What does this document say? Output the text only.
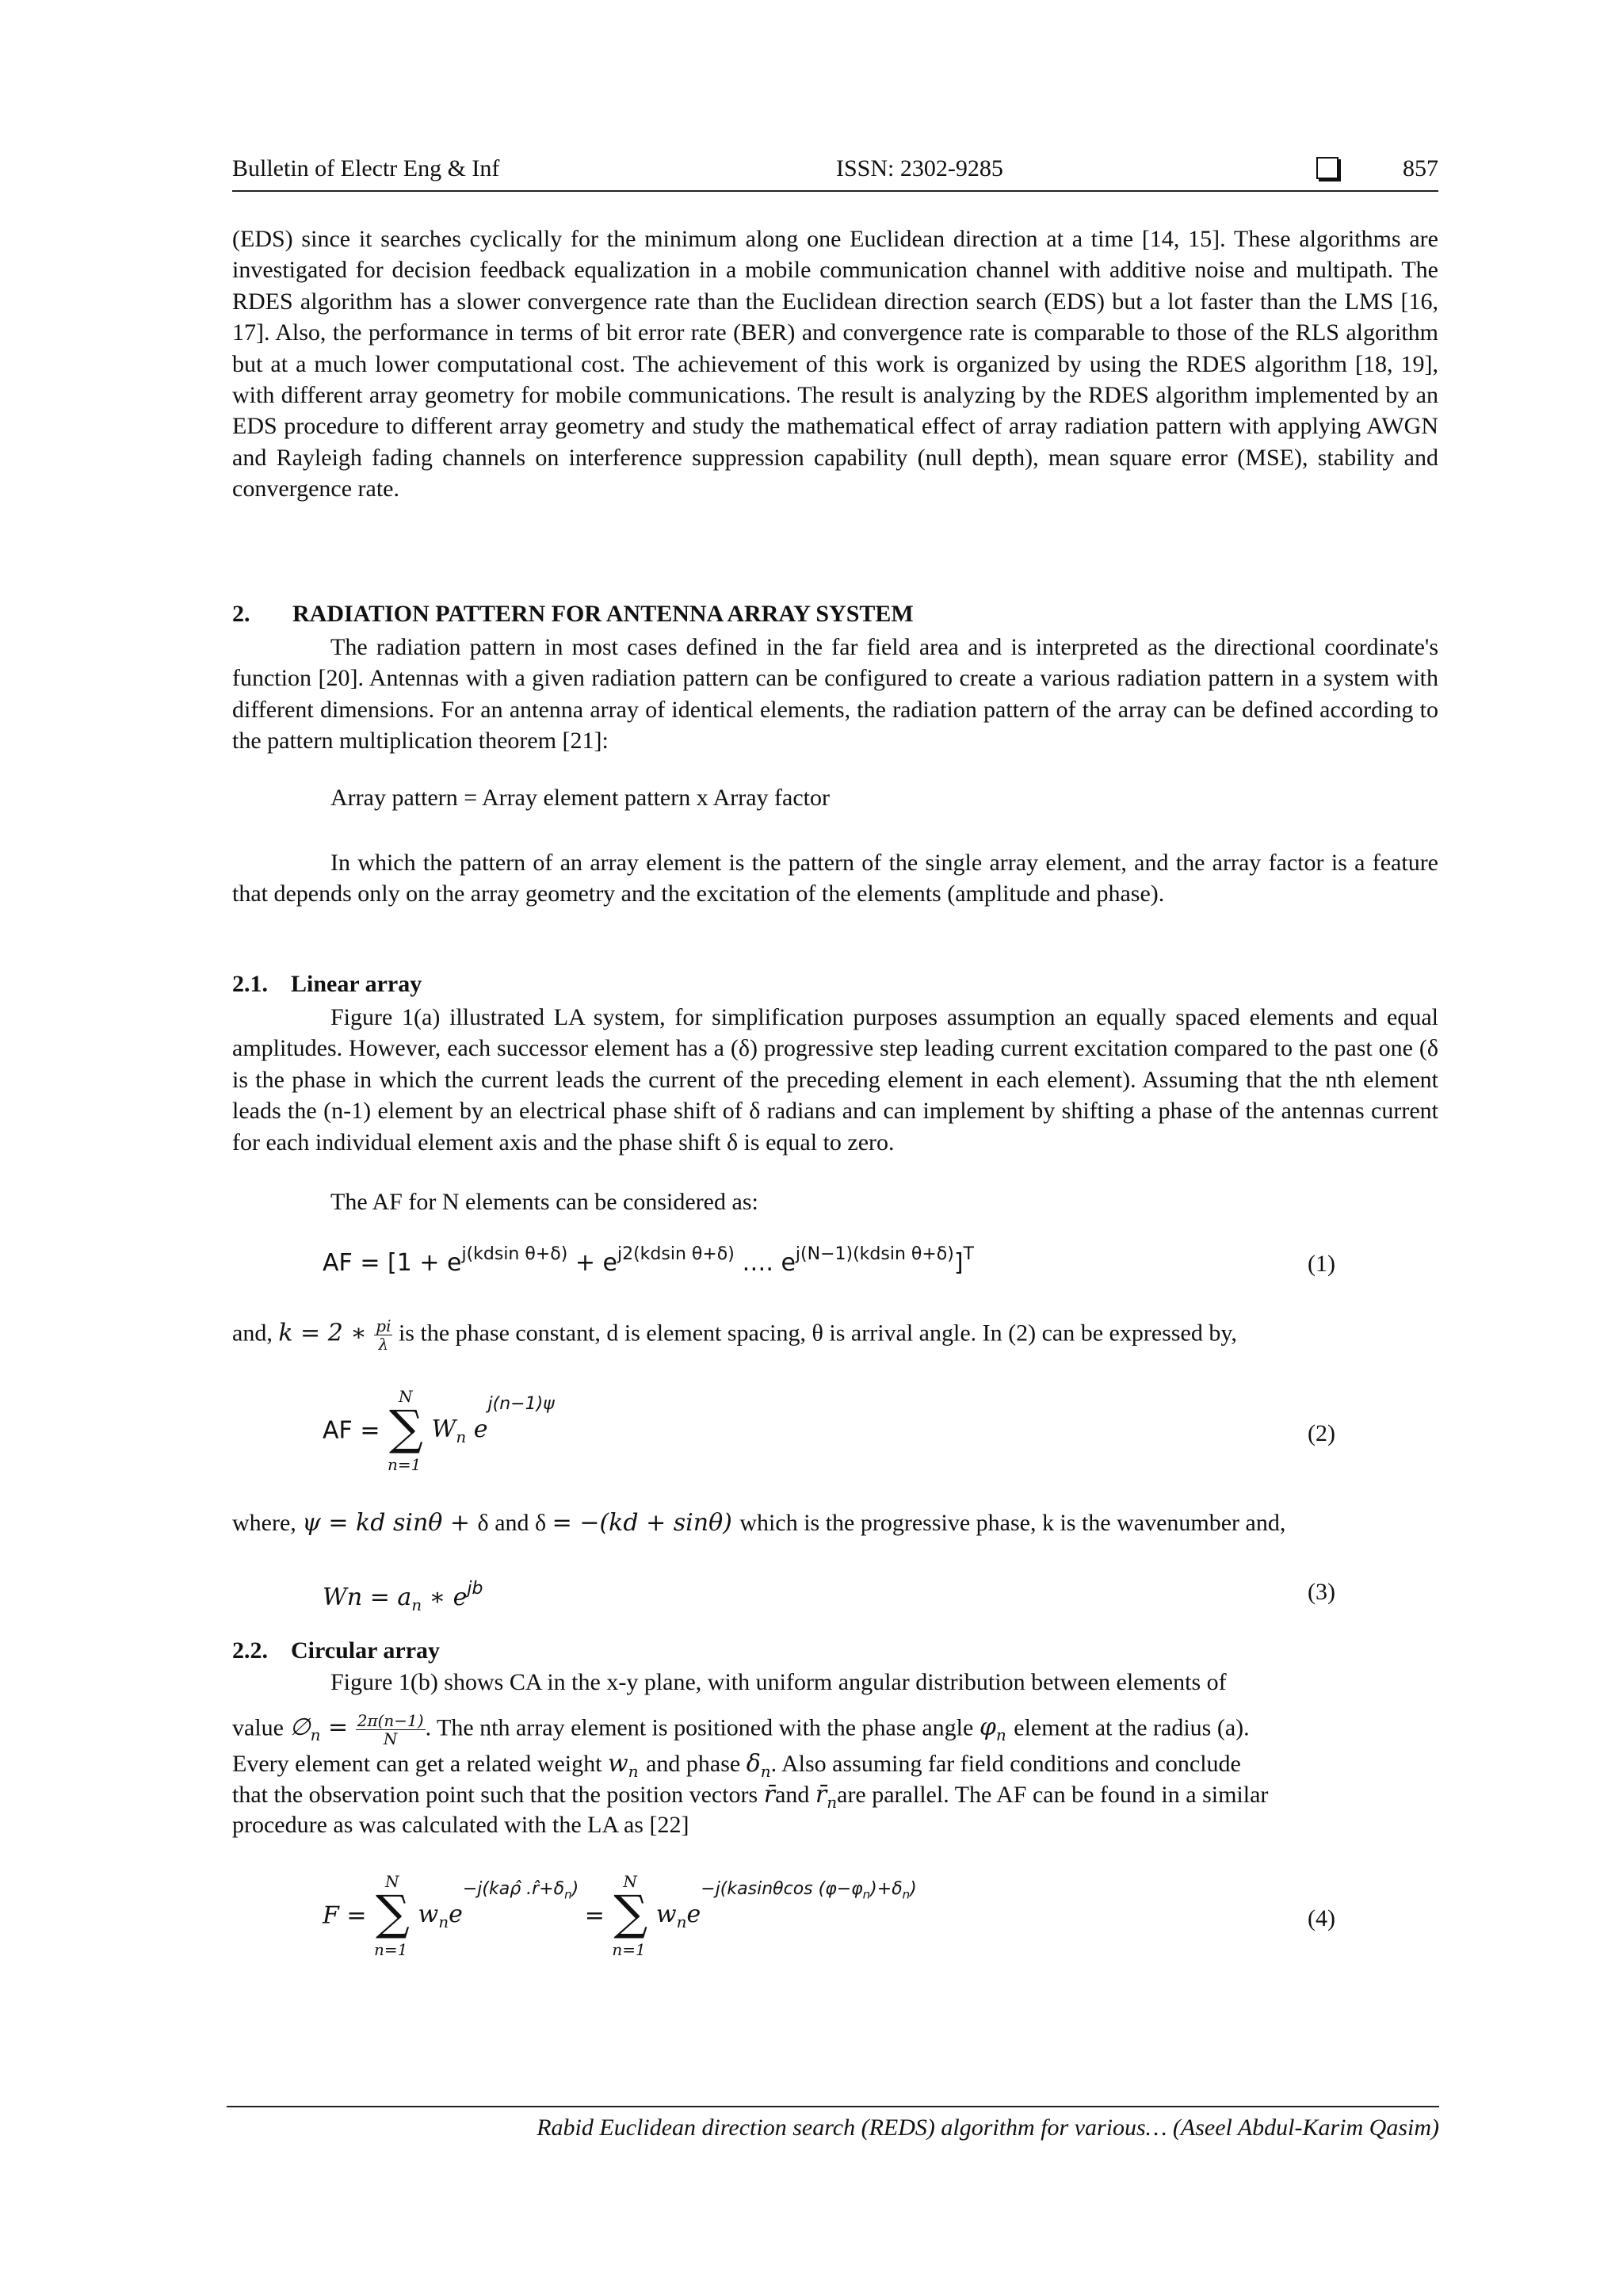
Bulletin of Electr Eng & Inf	ISSN: 2302-9285	857

(EDS) since it searches cyclically for the minimum along one Euclidean direction at a time [14, 15]. These algorithms are investigated for decision feedback equalization in a mobile communication channel with additive noise and multipath. The RDES algorithm has a slower convergence rate than the Euclidean direction search (EDS) but a lot faster than the LMS [16, 17]. Also, the performance in terms of bit error rate (BER) and convergence rate is comparable to those of the RLS algorithm but at a much lower computational cost. The achievement of this work is organized by using the RDES algorithm [18, 19], with different array geometry for mobile communications. The result is analyzing by the RDES algorithm implemented by an EDS procedure to different array geometry and study the mathematical effect of array radiation pattern with applying AWGN and Rayleigh fading channels on interference suppression capability (null depth), mean square error (MSE), stability and convergence rate.

2. RADIATION PATTERN FOR ANTENNA ARRAY SYSTEM

The radiation pattern in most cases defined in the far field area and is interpreted as the directional coordinate's function [20]. Antennas with a given radiation pattern can be configured to create a various radiation pattern in a system with different dimensions. For an antenna array of identical elements, the radiation pattern of the array can be defined according to the pattern multiplication theorem [21]:

Array pattern = Array element pattern x Array factor

In which the pattern of an array element is the pattern of the single array element, and the array factor is a feature that depends only on the array geometry and the excitation of the elements (amplitude and phase).

2.1. Linear array

Figure 1(a) illustrated LA system, for simplification purposes assumption an equally spaced elements and equal amplitudes. However, each successor element has a (δ) progressive step leading current excitation compared to the past one (δ is the phase in which the current leads the current of the preceding element in each element). Assuming that the nth element leads the (n-1) element by an electrical phase shift of δ radians and can implement by shifting a phase of the antennas current for each individual element axis and the phase shift δ is equal to zero.

The AF for N elements can be considered as:
AF = [$1 + e^{j(kdsin \theta+\delta)} + e^{j2(kdsin \theta+\delta)}$ …. $e^{j(N-1)(kdsin \theta+\delta)}]^T$	(1)
and, k = 2 ∗ $\frac{pi}{\lambda}$ is the phase constant, d is element spacing, θ is arrival angle. In (2) can be expressed by,
AF =
N
∑
n=1
$W_n$ $e^{j(n-1)\psi}$
(2)
where, ψ = kd sinθ + δ and δ = −(kd + sinθ) which is the progressive phase, k is the wavenumber and,
$Wn = a_n$ ∗ $e^{jb}$	(3)

2.2. Circular array

Figure 1(b) shows CA in the x-y plane, with uniform angular distribution between elements of
value $\emptyset_n = \frac{2\pi(n-1)}{N}$ . The nth array element is positioned with the phase angle $\varphi_n$ element at the radius (a).
Every element can get a related weight $w_n$ and phase $\delta_n$. Also assuming far field conditions and conclude
that the observation point such that the position vectors r̄and $r̄_nare$ parallel. The AF can be found in a similar
procedure as was calculated with the LA as [22]
F =
N
∑
n=1
$w_ne^{-j(ka\rhô .r̂+\delta_n)}$ =
N
∑
n=1
$w_ne^{-j(kasin\theta cos (\varphi-\varphi_n)+\delta_n)}$
(4)
Rabid Euclidean direction search (REDS) algorithm for various… (Aseel Abdul-Karim Qasim)
